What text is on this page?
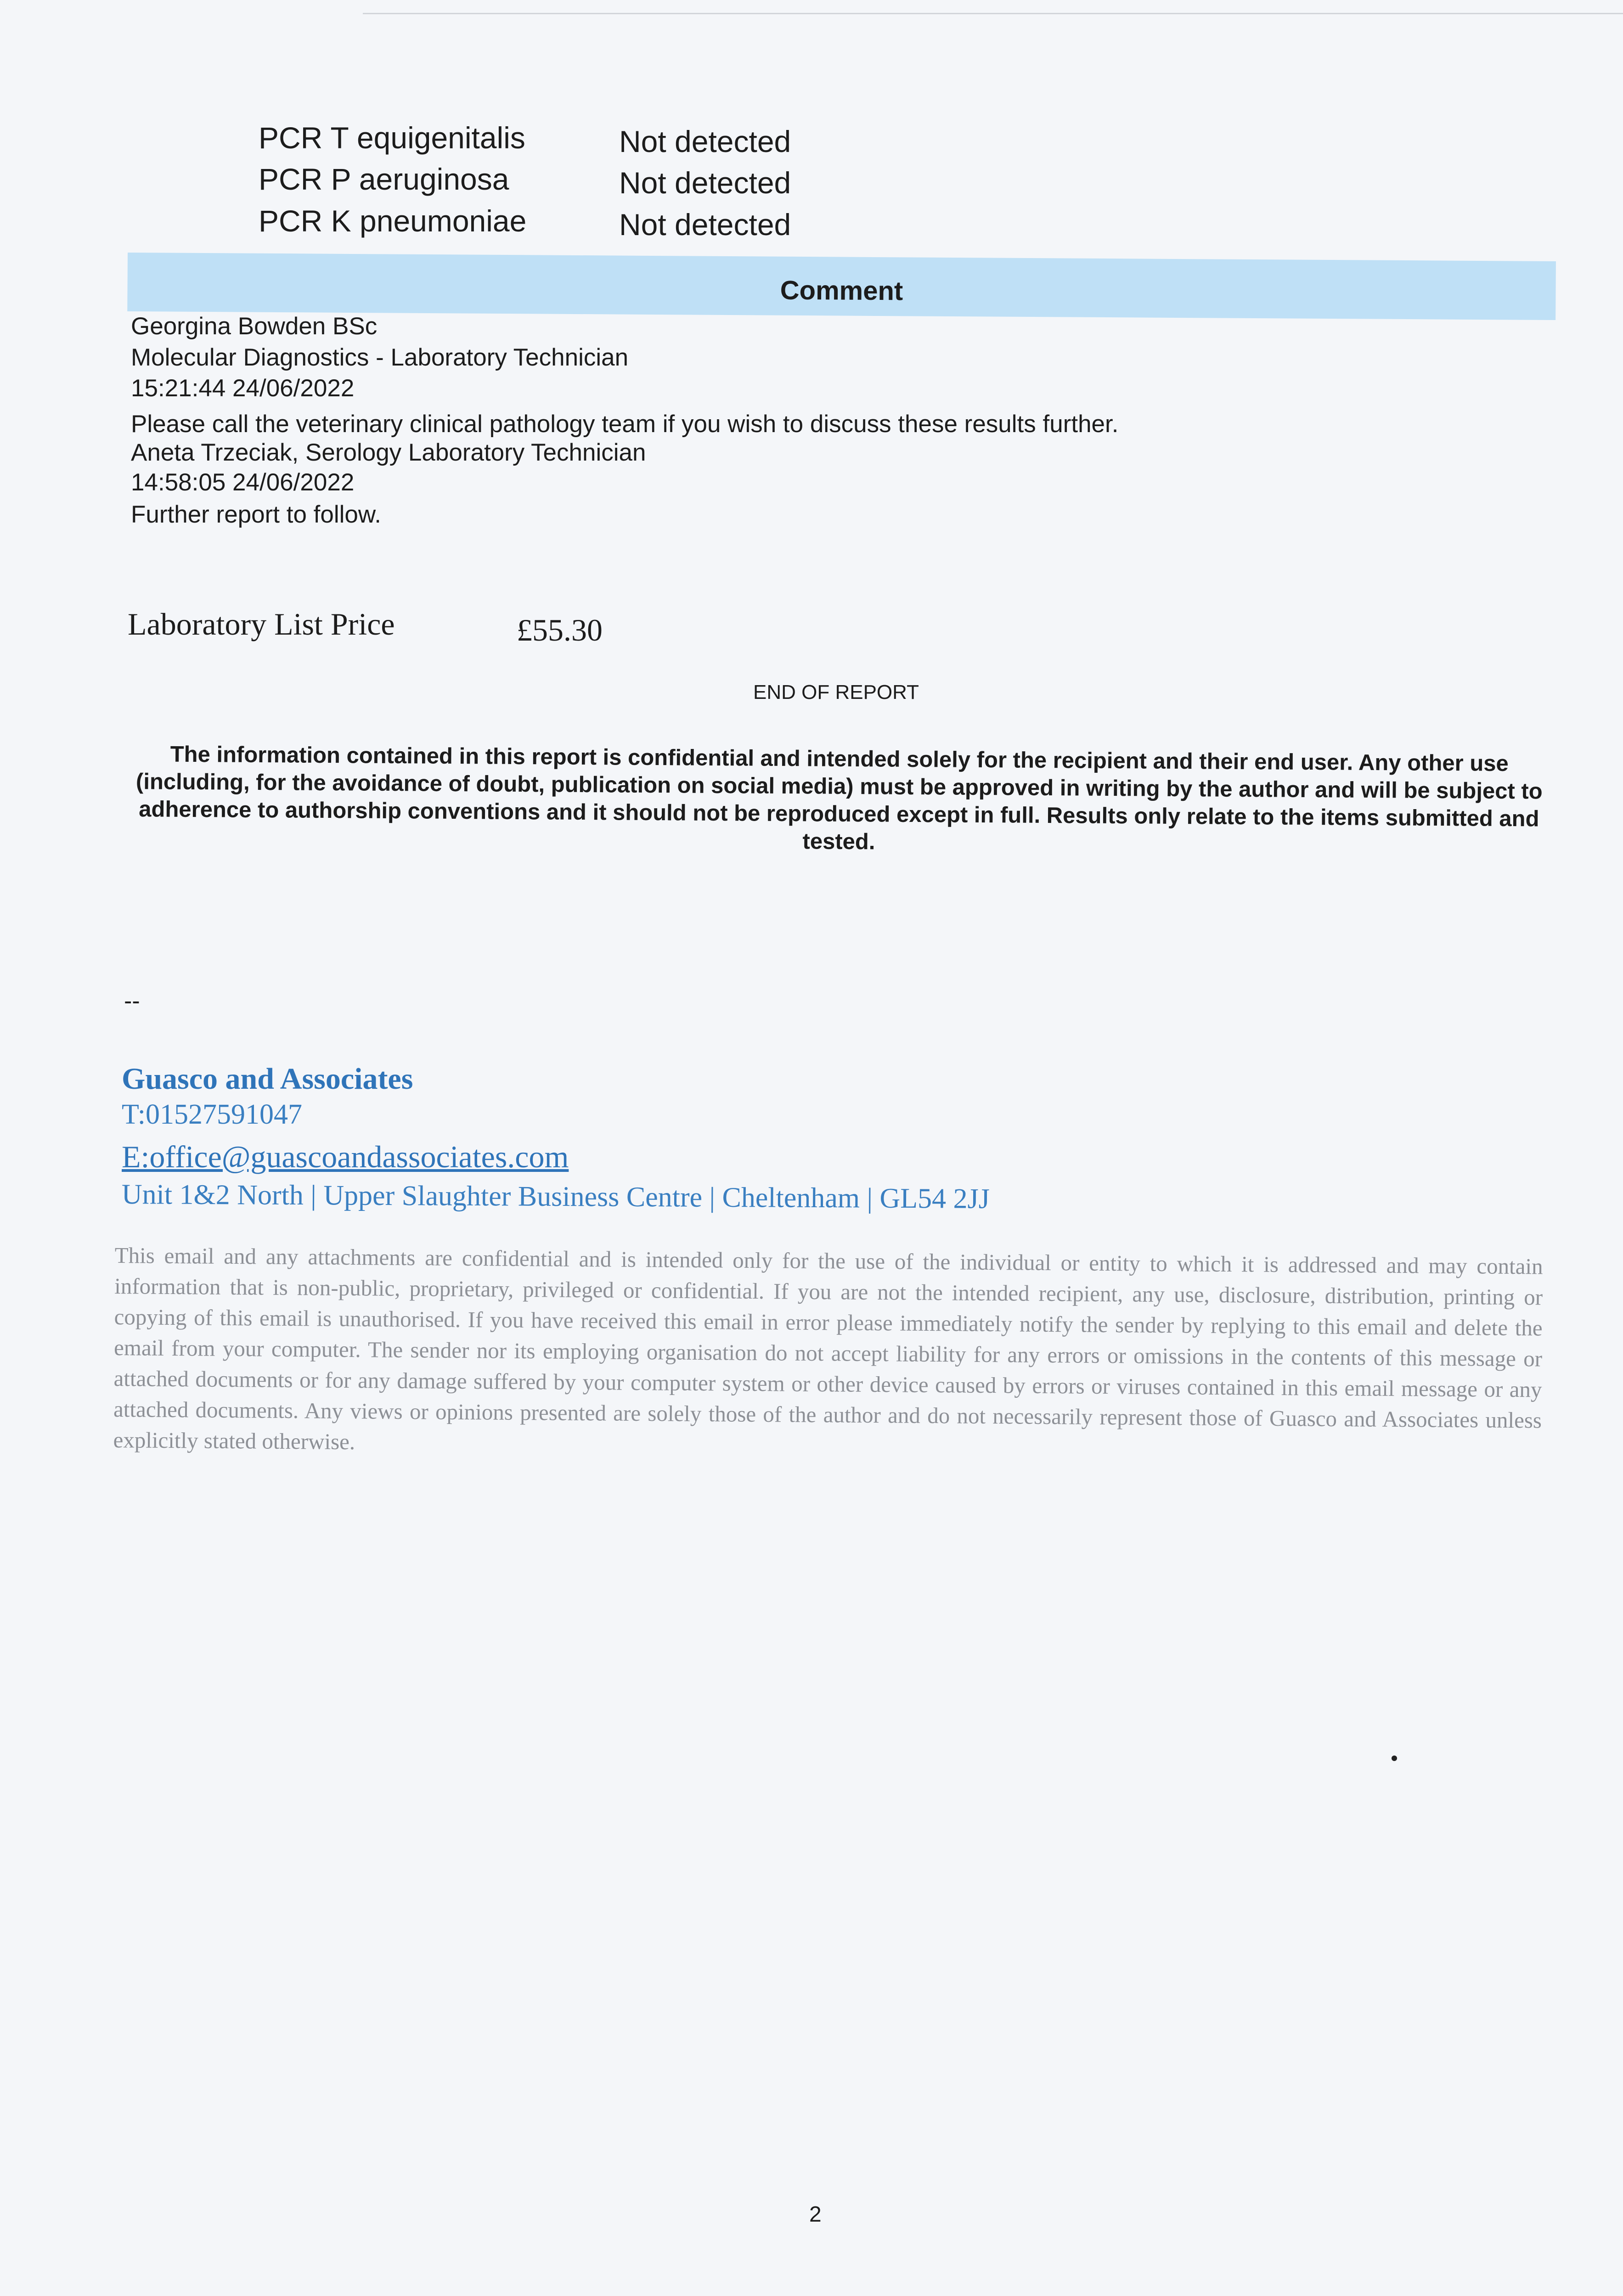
PCR T equigenitalis	Not detected
PCR P aeruginosa	Not detected
PCR K pneumoniae	Not detected
Comment
Georgina Bowden BSc
Molecular Diagnostics - Laboratory Technician
15:21:44 24/06/2022
Please call the veterinary clinical pathology team if you wish to discuss these results further.
Aneta Trzeciak, Serology Laboratory Technician
14:58:05 24/06/2022
Further report to follow.
Laboratory List Price	£55.30
END OF REPORT
The information contained in this report is confidential and intended solely for the recipient and their end user. Any other use (including, for the avoidance of doubt, publication on social media) must be approved in writing by the author and will be subject to adherence to authorship conventions and it should not be reproduced except in full. Results only relate to the items submitted and tested.
--
Guasco and Associates
T:01527591047
E:office@guascoandassociates.com
Unit 1&2 North | Upper Slaughter Business Centre | Cheltenham | GL54 2JJ
This email and any attachments are confidential and is intended only for the use of the individual or entity to which it is addressed and may contain information that is non-public, proprietary, privileged or confidential. If you are not the intended recipient, any use, disclosure, distribution, printing or copying of this email is unauthorised. If you have received this email in error please immediately notify the sender by replying to this email and delete the email from your computer. The sender nor its employing organisation do not accept liability for any errors or omissions in the contents of this message or attached documents or for any damage suffered by your computer system or other device caused by errors or viruses contained in this email message or any attached documents. Any views or opinions presented are solely those of the author and do not necessarily represent those of Guasco and Associates unless explicitly stated otherwise.
2
